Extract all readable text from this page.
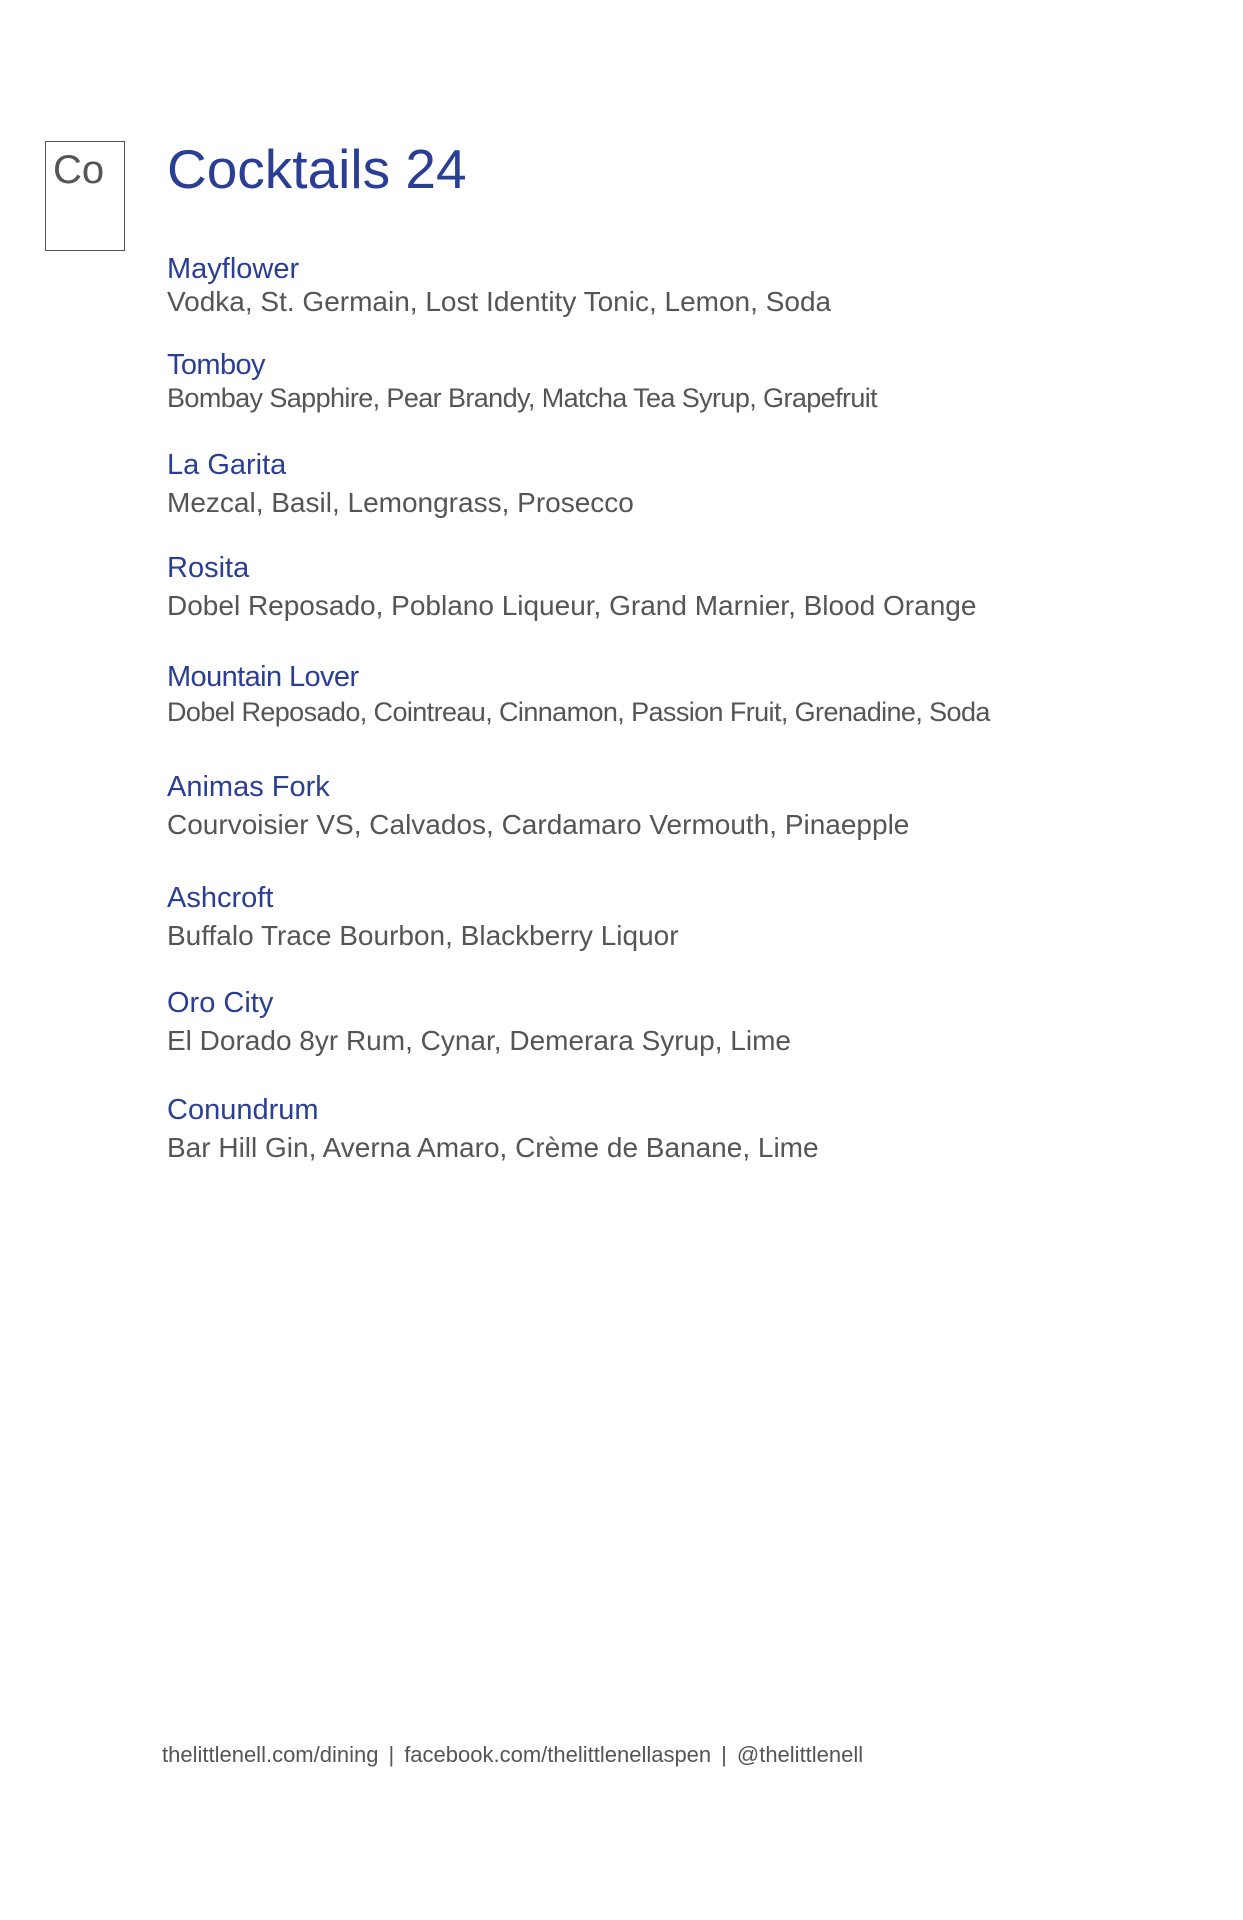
Co Cocktails 24
Mayflower
Vodka, St. Germain, Lost Identity Tonic, Lemon, Soda
Tomboy
Bombay Sapphire, Pear Brandy, Matcha Tea Syrup, Grapefruit
La Garita
Mezcal, Basil, Lemongrass, Prosecco
Rosita
Dobel Reposado, Poblano Liqueur, Grand Marnier, Blood Orange
Mountain Lover
Dobel Reposado, Cointreau, Cinnamon, Passion Fruit, Grenadine, Soda
Animas Fork
Courvoisier VS, Calvados, Cardamaro Vermouth, Pinaepple
Ashcroft
Buffalo Trace Bourbon, Blackberry Liquor
Oro City
El Dorado 8yr Rum, Cynar, Demerara Syrup, Lime
Conundrum
Bar Hill Gin, Averna Amaro, Crème de Banane, Lime
thelittlenell.com/dining | facebook.com/thelittlenellaspen | @thelittlenell
